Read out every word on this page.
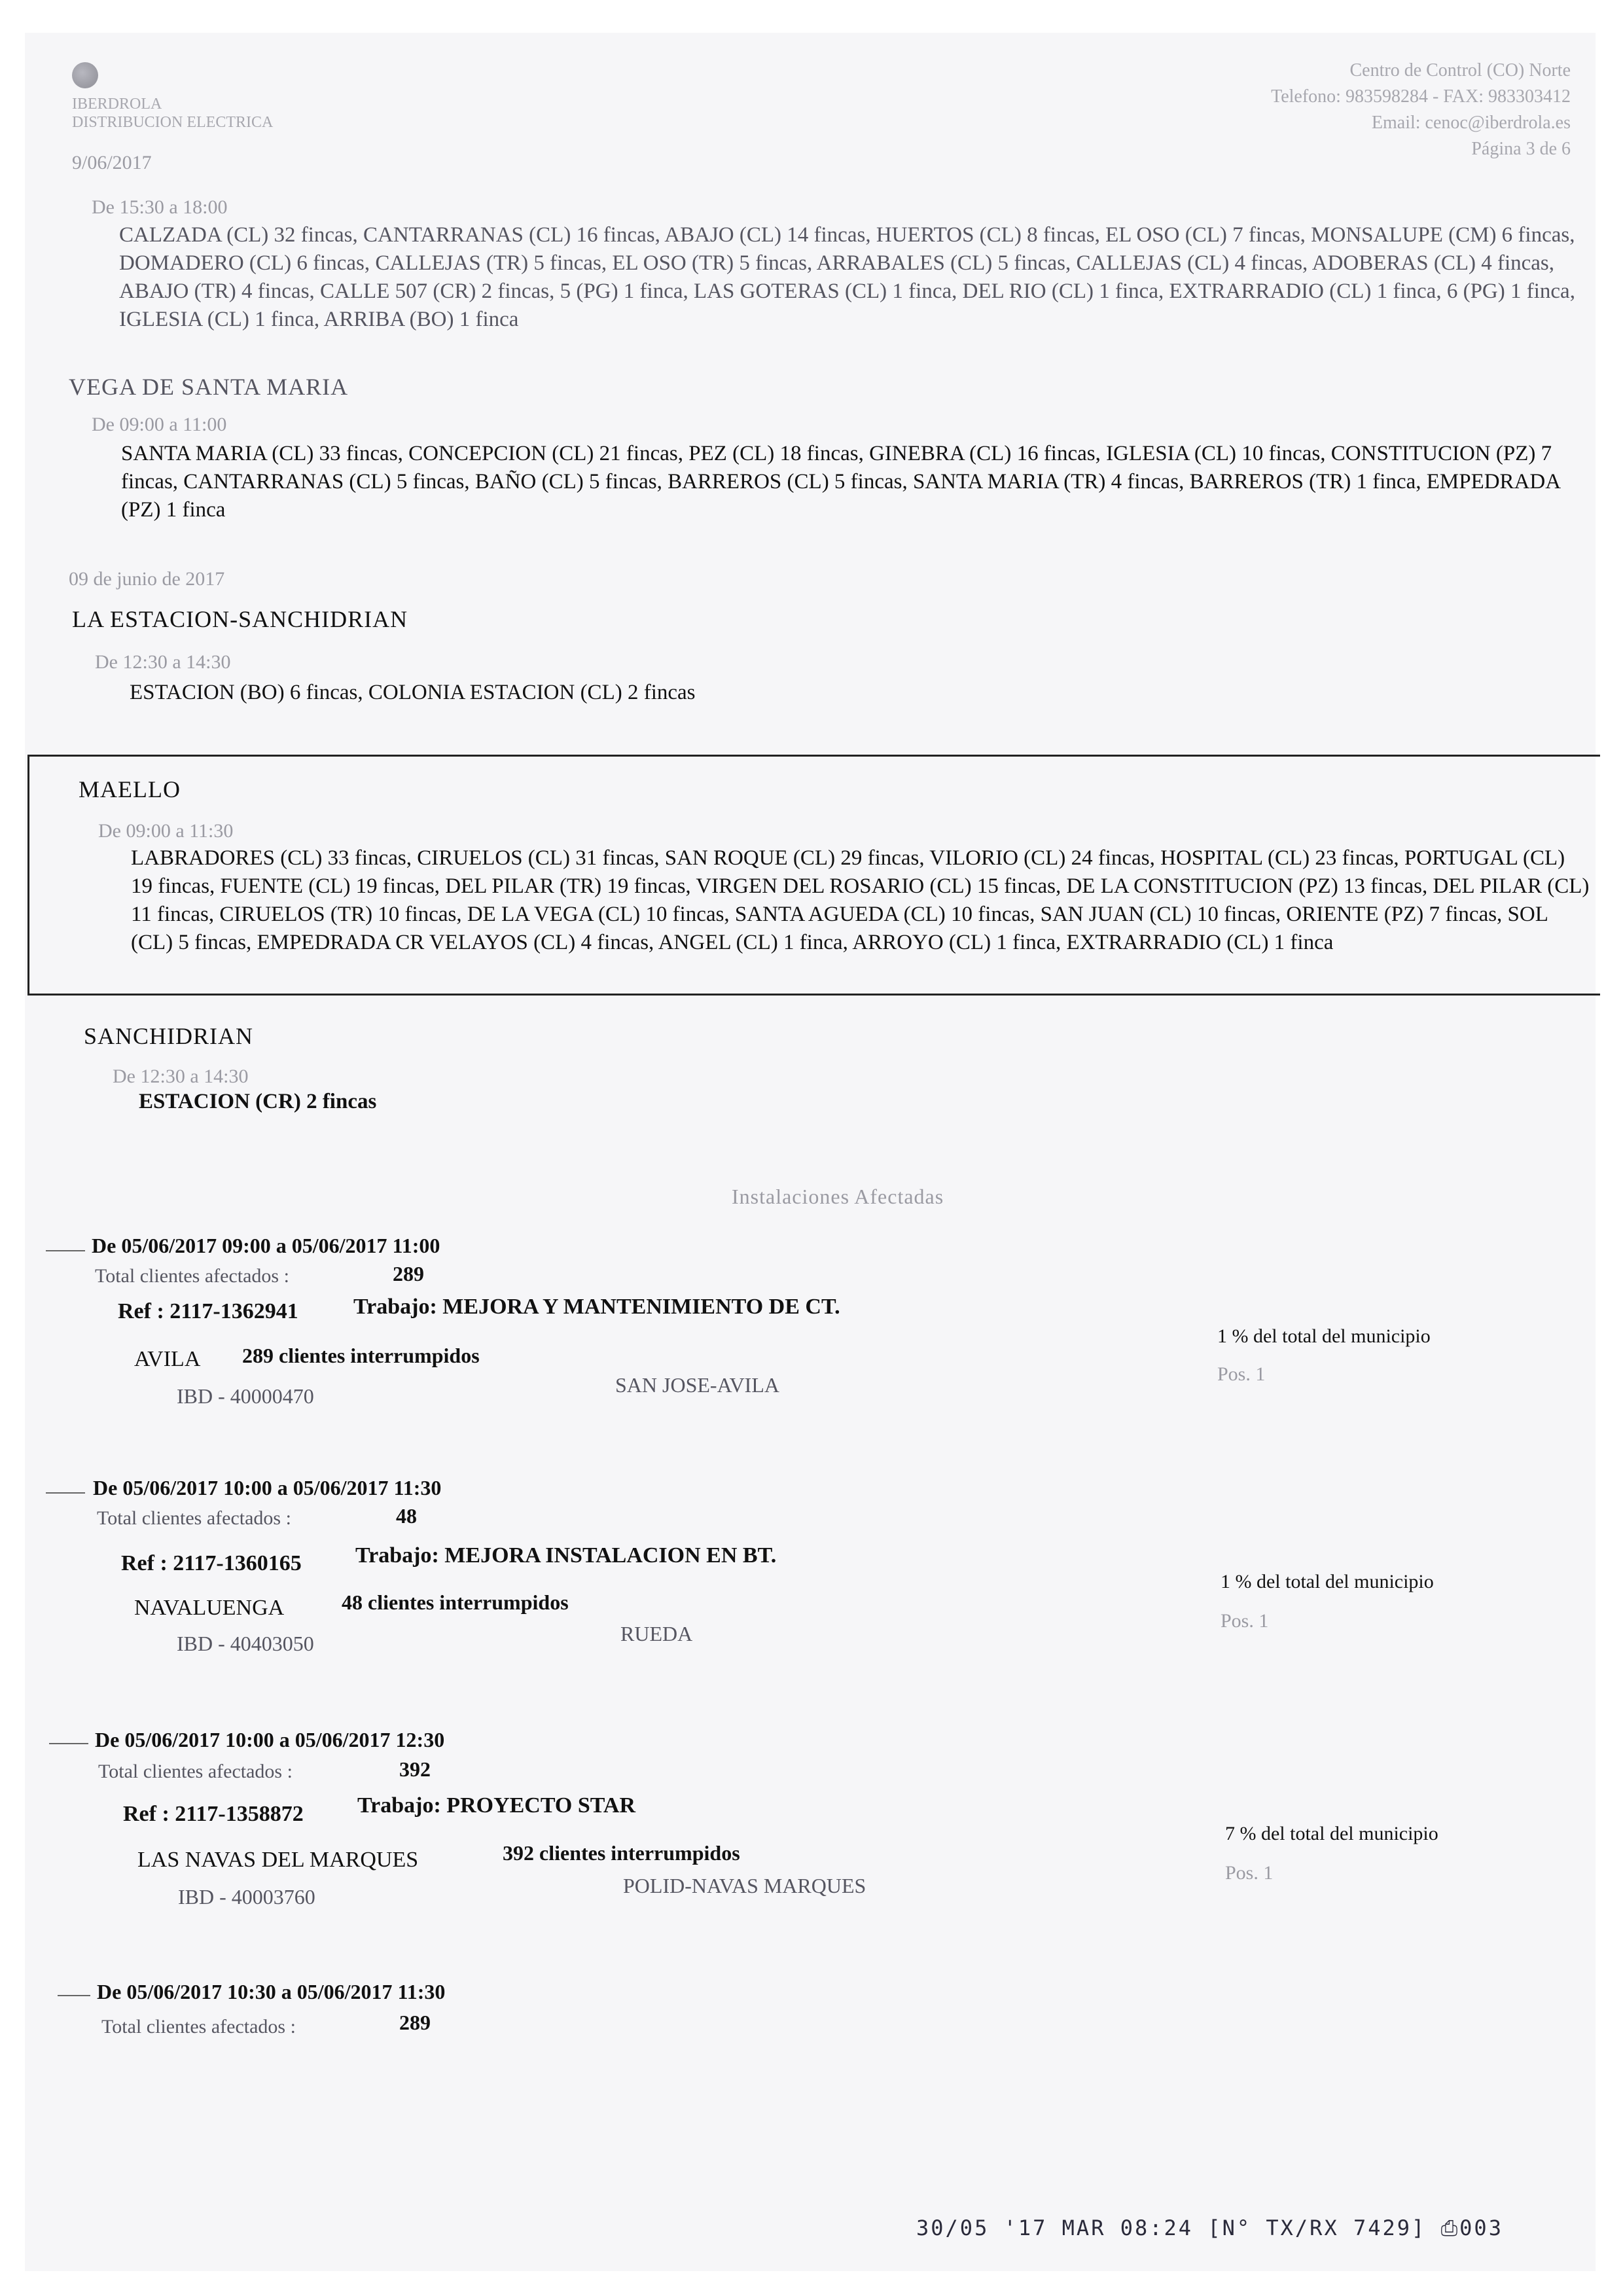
IBERDROLA
DISTRIBUCION ELECTRICA
9/06/2017
Centro de Control (CO) Norte
Telefono: 983598284 - FAX: 983303412
Email: cenoc@iberdrola.es
Página 3 de 6
De 15:30 a 18:00
CALZADA (CL) 32 fincas, CANTARRANAS (CL) 16 fincas, ABAJO (CL) 14 fincas, HUERTOS (CL) 8 fincas, EL OSO (CL) 7 fincas, MONSALUPE (CM) 6 fincas, DOMADERO (CL) 6 fincas, CALLEJAS (TR) 5 fincas, EL OSO (TR) 5 fincas, ARRABALES (CL) 5 fincas, CALLEJAS (CL) 4 fincas, ADOBERAS (CL) 4 fincas, ABAJO (TR) 4 fincas, CALLE 507 (CR) 2 fincas, 5 (PG) 1 finca, LAS GOTERAS (CL) 1 finca, DEL RIO (CL) 1 finca, EXTRARRADIO (CL) 1 finca, 6 (PG) 1 finca, IGLESIA (CL) 1 finca, ARRIBA (BO) 1 finca
VEGA DE SANTA MARIA
De 09:00 a 11:00
SANTA MARIA (CL) 33 fincas, CONCEPCION (CL) 21 fincas, PEZ (CL) 18 fincas, GINEBRA (CL) 16 fincas, IGLESIA (CL) 10 fincas, CONSTITUCION (PZ) 7 fincas, CANTARRANAS (CL) 5 fincas, BAÑO (CL) 5 fincas, BARREROS (CL) 5 fincas, SANTA MARIA (TR) 4 fincas, BARREROS (TR) 1 finca, EMPEDRADA (PZ) 1 finca
09 de junio de 2017
LA ESTACION-SANCHIDRIAN
De 12:30 a 14:30
ESTACION (BO) 6 fincas, COLONIA ESTACION (CL) 2 fincas
MAELLO
De 09:00 a 11:30
LABRADORES (CL) 33 fincas, CIRUELOS (CL) 31 fincas, SAN ROQUE (CL) 29 fincas, VILORIO (CL) 24 fincas, HOSPITAL (CL) 23 fincas, PORTUGAL (CL) 19 fincas, FUENTE (CL) 19 fincas, DEL PILAR (TR) 19 fincas, VIRGEN DEL ROSARIO (CL) 15 fincas, DE LA CONSTITUCION (PZ) 13 fincas, DEL PILAR (CL) 11 fincas, CIRUELOS (TR) 10 fincas, DE LA VEGA (CL) 10 fincas, SANTA AGUEDA (CL) 10 fincas, SAN JUAN (CL) 10 fincas, ORIENTE (PZ) 7 fincas, SOL (CL) 5 fincas, EMPEDRADA CR VELAYOS (CL) 4 fincas, ANGEL (CL) 1 finca, ARROYO (CL) 1 finca, EXTRARRADIO (CL) 1 finca
SANCHIDRIAN
De 12:30 a 14:30
ESTACION (CR) 2 fincas
Instalaciones Afectadas
De 05/06/2017 09:00 a 05/06/2017 11:00
Total clientes afectados :	289
Ref : 2117-1362941 Trabajo: MEJORA Y MANTENIMIENTO DE CT.
AVILA 289 clientes interrumpidos
IBD - 40000470	SAN JOSE-AVILA
1 % del total del municipio
Pos. 1
De 05/06/2017 10:00 a 05/06/2017 11:30
Total clientes afectados :	48
Ref : 2117-1360165 Trabajo: MEJORA INSTALACION EN BT.
NAVALUENGA	48 clientes interrumpidos
IBD - 40403050	RUEDA
1 % del total del municipio
Pos. 1
De 05/06/2017 10:00 a 05/06/2017 12:30
Total clientes afectados :	392
Ref : 2117-1358872 Trabajo: PROYECTO STAR
LAS NAVAS DEL MARQUES	392 clientes interrumpidos
IBD - 40003760	POLID-NAVAS MARQUES
7 % del total del municipio
Pos. 1
De 05/06/2017 10:30 a 05/06/2017 11:30
Total clientes afectados :	289
30/05 '17 MAR 08:24 [N° TX/RX 7429] ⎙003
